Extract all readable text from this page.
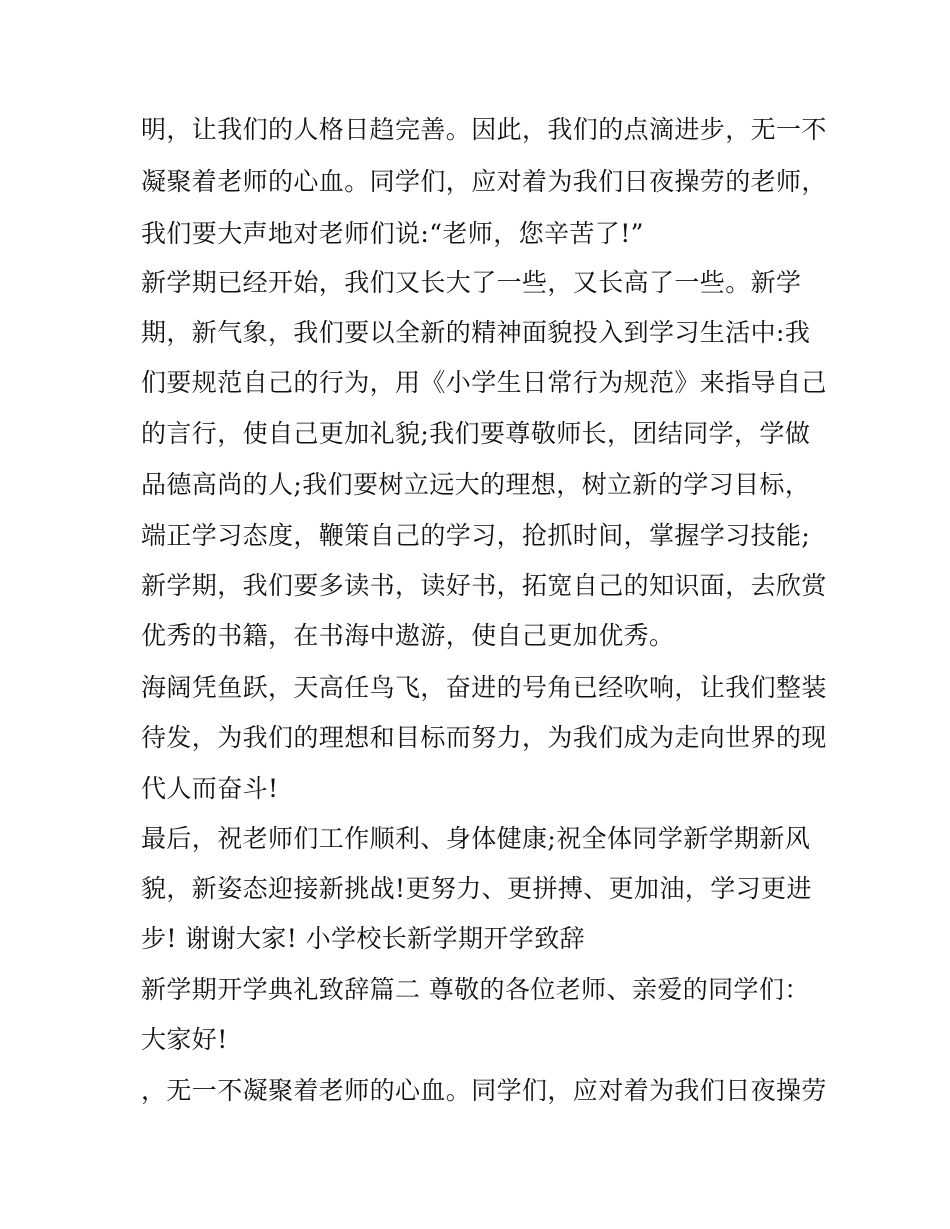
明，让我们的人格日趋完善。因此，我们的点滴进步，无一不
凝聚着老师的心血。同学们，应对着为我们日夜操劳的老师，
我们要大声地对老师们说:“老师，您辛苦了!”
新学期已经开始，我们又长大了一些，又长高了一些。新学
期，新气象，我们要以全新的精神面貌投入到学习生活中:我
们要规范自己的行为，用《小学生日常行为规范》来指导自己
的言行，使自己更加礼貌;我们要尊敬师长，团结同学，学做
品德高尚的人;我们要树立远大的理想，树立新的学习目标，
端正学习态度，鞭策自己的学习，抢抓时间，掌握学习技能;
新学期，我们要多读书，读好书，拓宽自己的知识面，去欣赏
优秀的书籍，在书海中遨游，使自己更加优秀。
海阔凭鱼跃，天高任鸟飞，奋进的号角已经吹响，让我们整装
待发，为我们的理想和目标而努力，为我们成为走向世界的现
代人而奋斗!
最后，祝老师们工作顺利、身体健康;祝全体同学新学期新风
貌，新姿态迎接新挑战!更努力、更拼搏、更加油，学习更进
步! 谢谢大家! 小学校长新学期开学致辞
新学期开学典礼致辞篇二 尊敬的各位老师、亲爱的同学们：
大家好!
，无一不凝聚着老师的心血。同学们，应对着为我们日夜操劳
